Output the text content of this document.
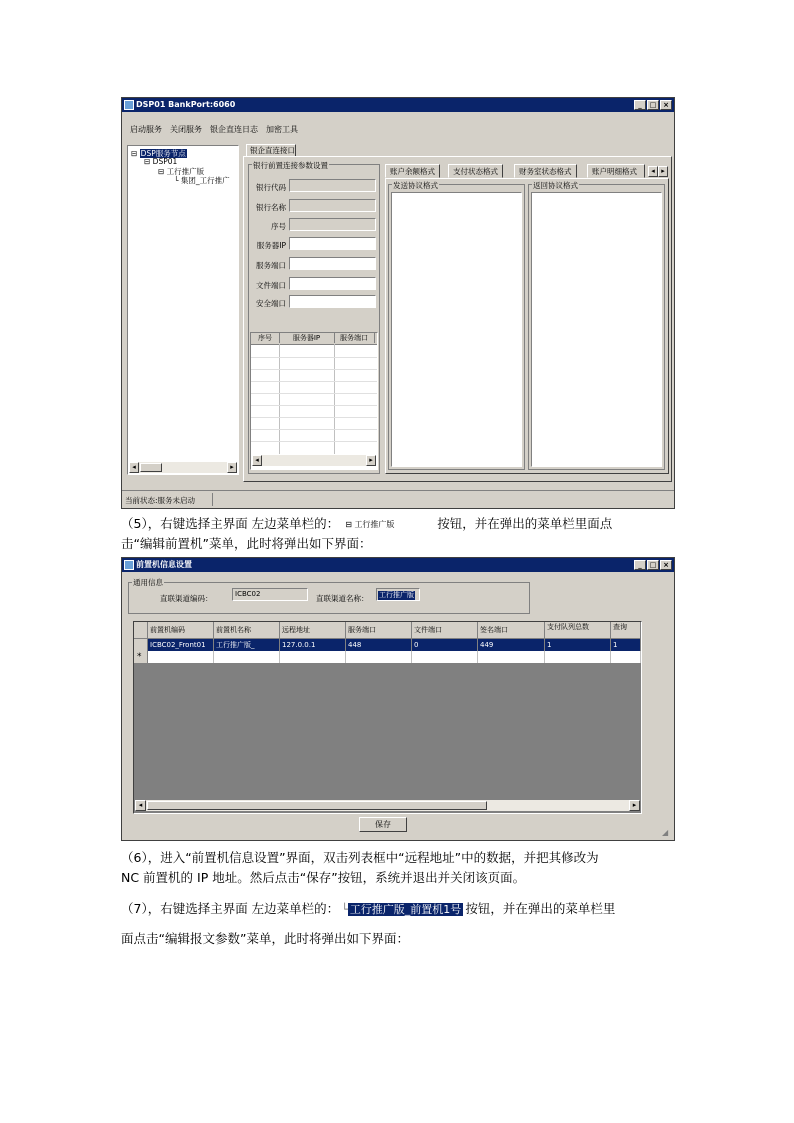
DSP01 BankPort:6060	_	□ ×
启动服务	关闭服务	银企直连日志	加密工具
⊟ DSP服务节点
⊟ DSP01
⊟ 工行推广版
└ 集团_工行推广
◂	▸
银企直连接口
银行前置连接参数设置
银行代码
银行名称
序号
服务器IP
服务端口
文件端口
安全端口
序号	服务器IP	服务端口
◂	▸
账户余额格式	支付状态格式	财务室状态格式	账户明细格式	◂ ▸
发送协议格式	返回协议格式
当前状态:服务未启动
（5），右键选择主界面 左边菜单栏的： ⊟ 工行推广版	按钮，并在弹出的菜单栏里面点
击“编辑前置机”菜单，此时将弹出如下界面：
前置机信息设置	_	□ ×
通用信息
直联渠道编码：	ICBC02	直联渠道名称：	工行推广版
前置机编码	前置机名称	远程地址	服务端口	文件端口	签名端口	支付队列总数	查询
ICBC02_Front01	工行推广版_	127.0.0.1	448	0	449	1	1
*
◂	▸
保存
◢
（6），进入“前置机信息设置”界面，双击列表框中“远程地址”中的数据，并把其修改为
NC 前置机的 IP 地址。然后点击“保存”按钮，系统并退出并关闭该页面。
（7），右键选择主界面 左边菜单栏的： └ 工行推广版_前置机1号 按钮，并在弹出的菜单栏里
面点击“编辑报文参数”菜单，此时将弹出如下界面：
